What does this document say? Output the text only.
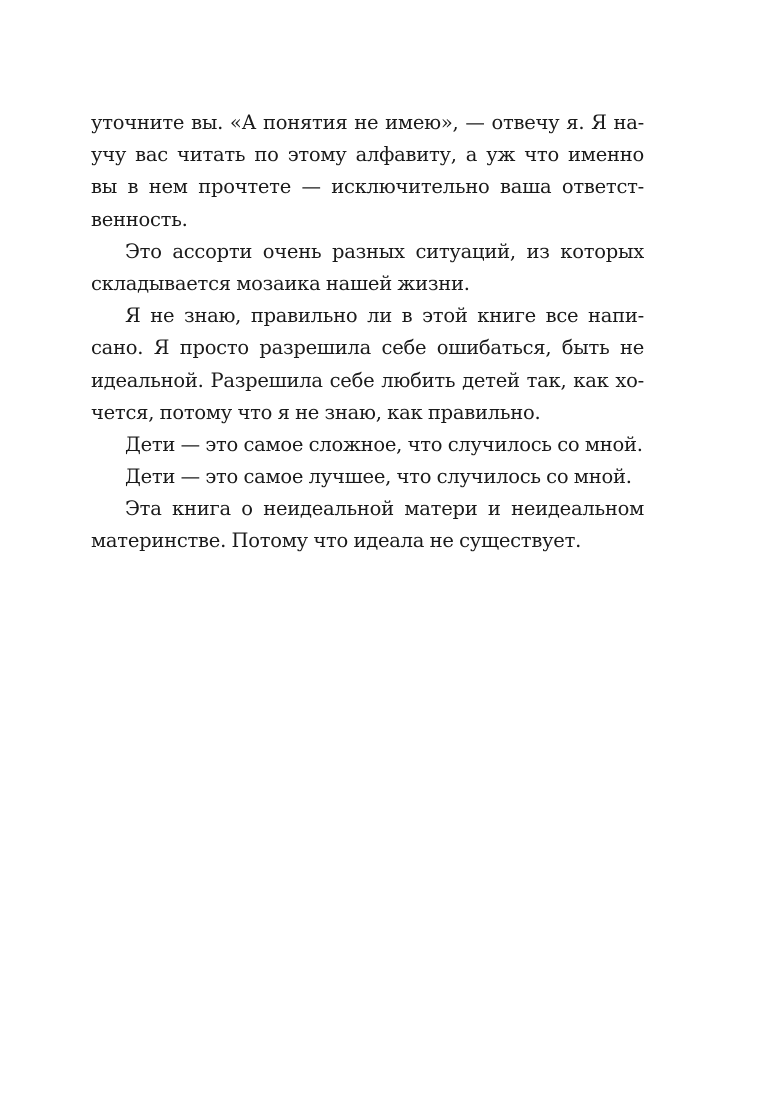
уточните вы. «А понятия не имею», — отвечу я. Я на-
учу вас читать по этому алфавиту, а уж что именно
вы в нем прочтете — исключительно ваша ответст-
венность.
Это ассорти очень разных ситуаций, из которых
складывается мозаика нашей жизни.
Я не знаю, правильно ли в этой книге все напи-
сано. Я просто разрешила себе ошибаться, быть не
идеальной. Разрешила себе любить детей так, как хо-
чется, потому что я не знаю, как правильно.
Дети — это самое сложное, что случилось со мной.
Дети — это самое лучшее, что случилось со мной.
Эта книга о неидеальной матери и неидеальном
материнстве. Потому что идеала не существует.
